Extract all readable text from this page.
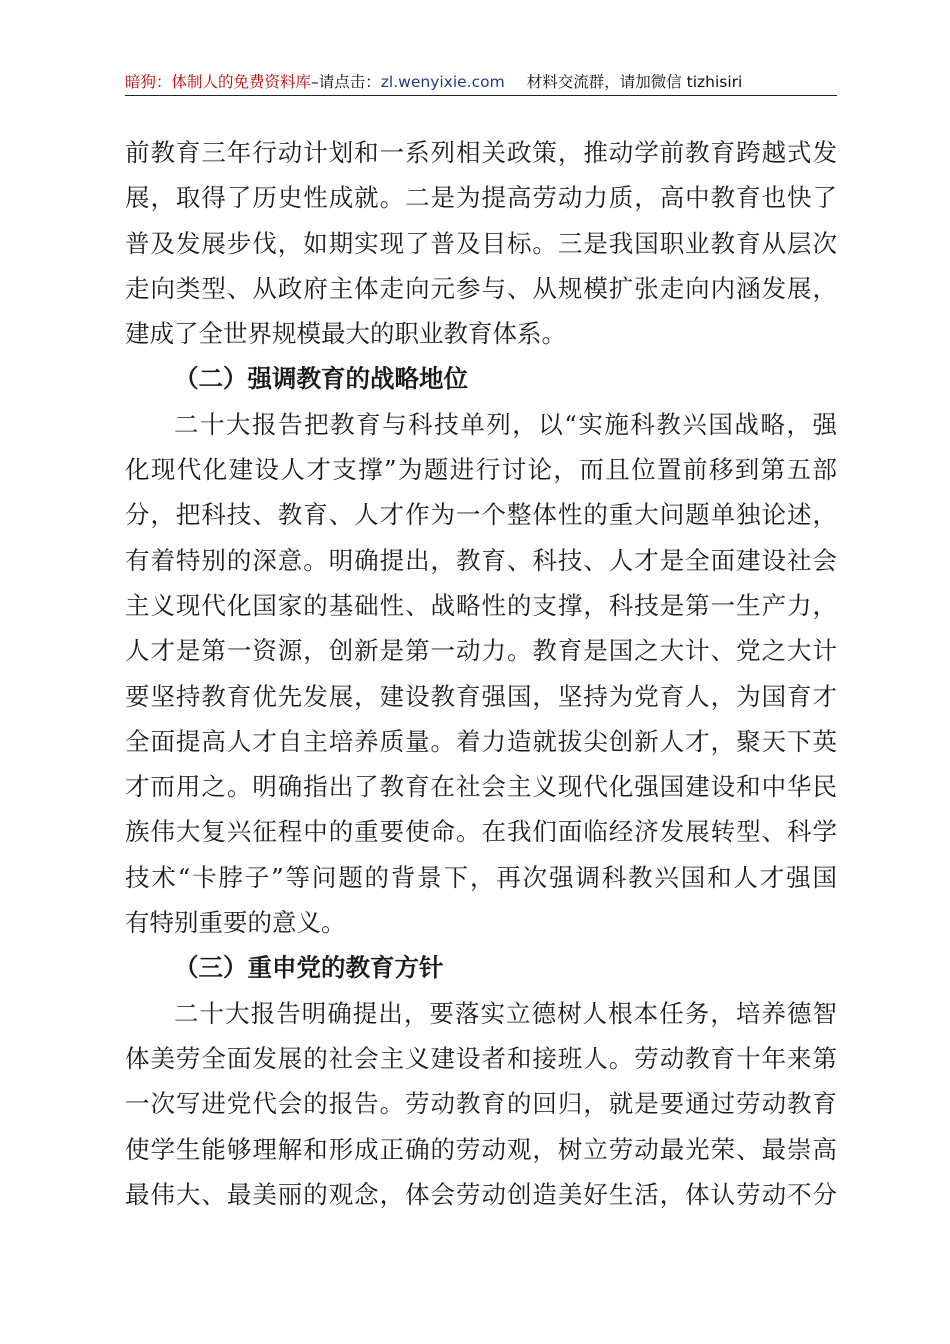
暗狗：体制人的免费资料库–请点击：zl.wenyixie.com 材料交流群，请加微信 tizhisiri
前教育三年行动计划和一系列相关政策，推动学前教育跨越式发
展，取得了历史性成就。二是为提高劳动力质，高中教育也快了
普及发展步伐，如期实现了普及目标。三是我国职业教育从层次
走向类型、从政府主体走向元参与、从规模扩张走向内涵发展，
建成了全世界规模最大的职业教育体系。
（二）强调教育的战略地位
二十大报告把教育与科技单列，以“实施科教兴国战略，强
化现代化建设人才支撑”为题进行讨论，而且位置前移到第五部
分，把科技、教育、人才作为一个整体性的重大问题单独论述，
有着特别的深意。明确提出，教育、科技、人才是全面建设社会
主义现代化国家的基础性、战略性的支撑，科技是第一生产力，
人才是第一资源，创新是第一动力。教育是国之大计、党之大计
要坚持教育优先发展，建设教育强国，坚持为党育人，为国育才
全面提高人才自主培养质量。着力造就拔尖创新人才，聚天下英
才而用之。明确指出了教育在社会主义现代化强国建设和中华民
族伟大复兴征程中的重要使命。在我们面临经济发展转型、科学
技术“卡脖子”等问题的背景下，再次强调科教兴国和人才强国
有特别重要的意义。
（三）重申党的教育方针
二十大报告明确提出，要落实立德树人根本任务，培养德智
体美劳全面发展的社会主义建设者和接班人。劳动教育十年来第
一次写进党代会的报告。劳动教育的回归，就是要通过劳动教育
使学生能够理解和形成正确的劳动观，树立劳动最光荣、最崇高
最伟大、最美丽的观念，体会劳动创造美好生活，体认劳动不分
